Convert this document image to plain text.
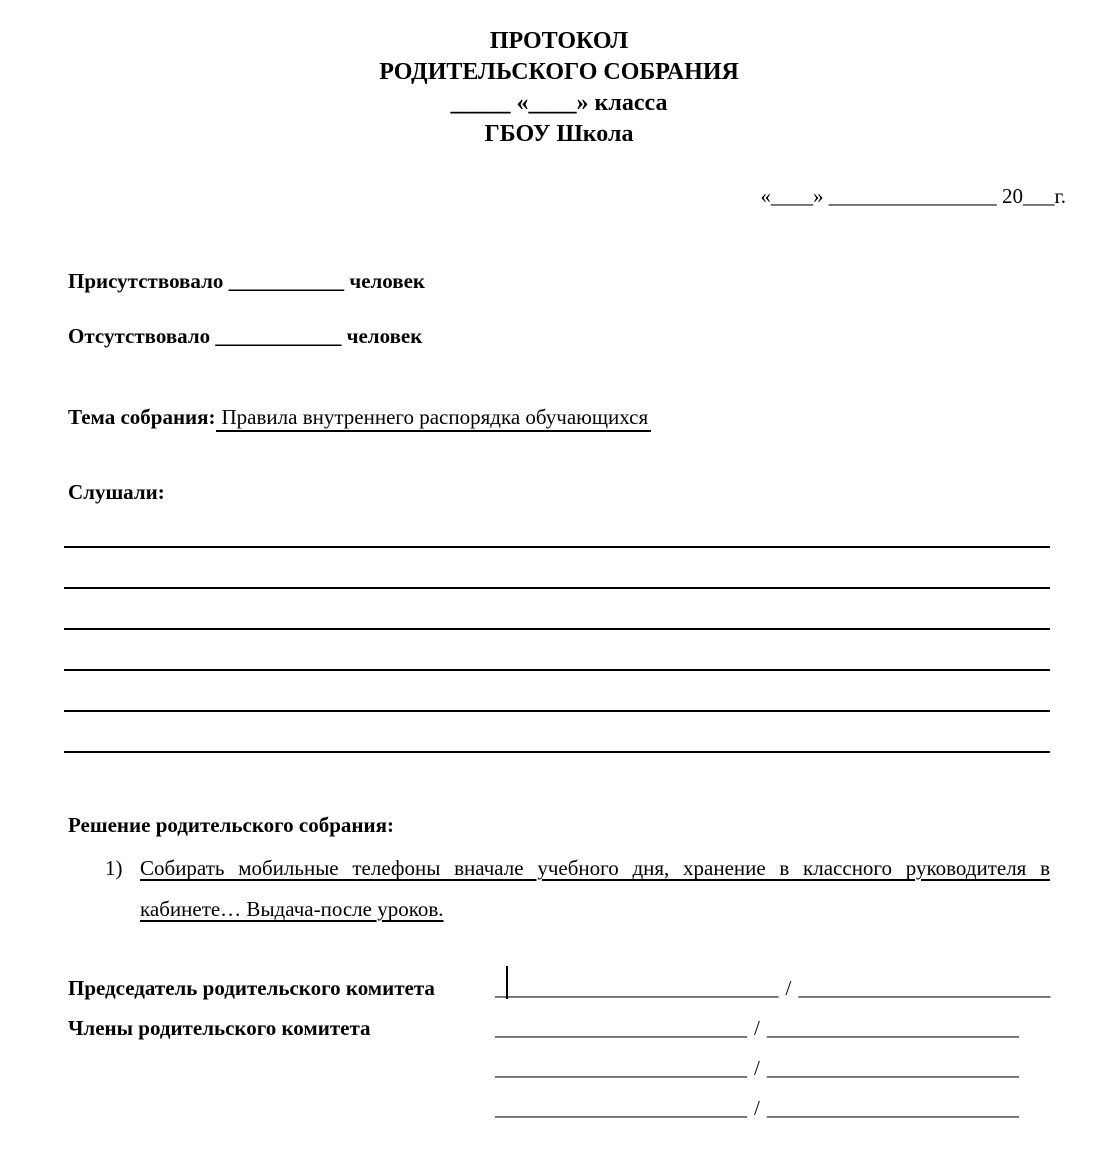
ПРОТОКОЛ
РОДИТЕЛЬСКОГО СОБРАНИЯ
_____ «____» класса
ГБОУ Школа
«____» ________________ 20___г.
Присутствовало ___________ человек
Отсутствовало ____________ человек
Тема собрания: Правила внутреннего распорядка обучающихся
Слушали:
Решение родительского собрания:
1) Собирать мобильные телефоны вначале учебного дня, хранение в классного руководителя в кабинете… Выдача-после уроков.
Председатель родительского комитета	___________________________ / ________________________
Члены родительского комитета	________________________ / ________________________
________________________ / ________________________
________________________ / ________________________
